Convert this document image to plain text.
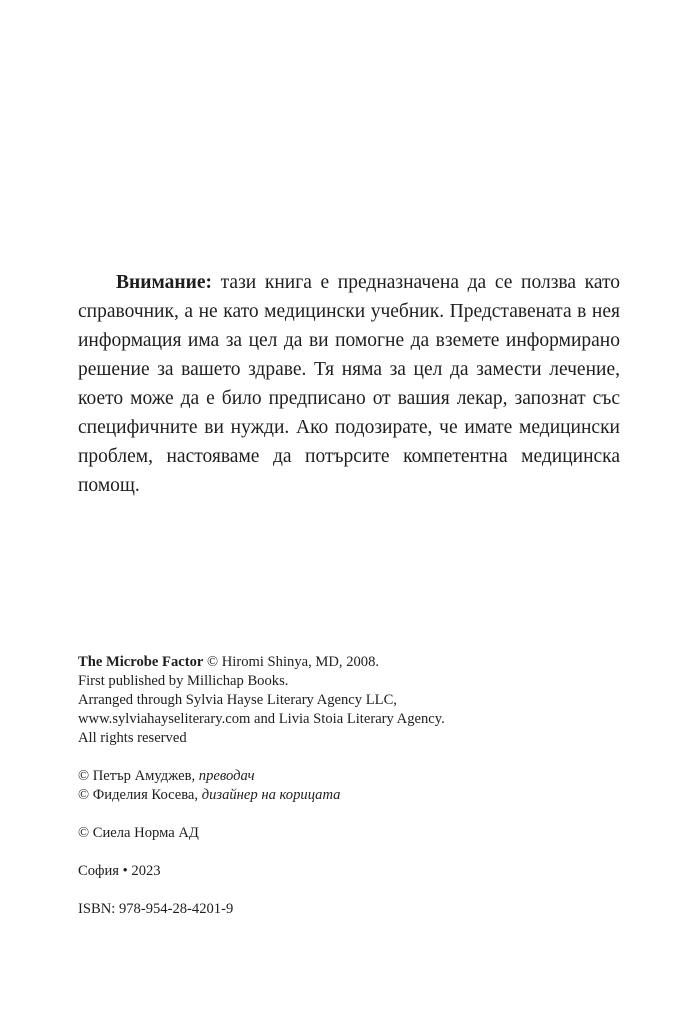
Внимание: тази книга е предназначена да се ползва като справочник, а не като медицински учебник. Представената в нея информация има за цел да ви помогне да вземете информирано решение за вашето здраве. Тя няма за цел да замести лечение, което може да е било предписано от вашия лекар, запознат със специфичните ви нужди. Ако подозирате, че имате медицински проблем, настояваме да потърсите компетентна медицинска помощ.

The Microbe Factor © Hiromi Shinya, MD, 2008.

First published by Millichap Books.

Arranged through Sylvia Hayse Literary Agency LLC,

www.sylviahayseliterary.com and Livia Stoia Literary Agency.

All rights reserved

© Петър Амуджев, преводач

© Фиделия Косева, дизайнер на корицата

© Сиела Норма АД

София • 2023

ISBN: 978-954-28-4201-9
